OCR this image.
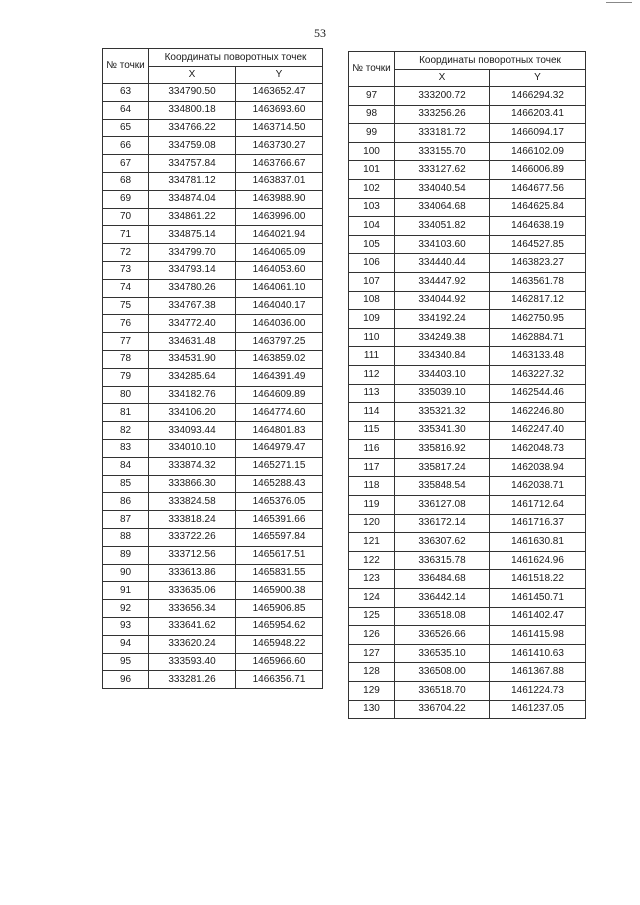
53
№ точки	Координаты поворотных точек	
	X	Y
63	334790.50	1463652.47
64	334800.18	1463693.60
65	334766.22	1463714.50
66	334759.08	1463730.27
67	334757.84	1463766.67
68	334781.12	1463837.01
69	334874.04	1463988.90
70	334861.22	1463996.00
71	334875.14	1464021.94
72	334799.70	1464065.09
73	334793.14	1464053.60
74	334780.26	1464061.10
75	334767.38	1464040.17
76	334772.40	1464036.00
77	334631.48	1463797.25
78	334531.90	1463859.02
79	334285.64	1464391.49
80	334182.76	1464609.89
81	334106.20	1464774.60
82	334093.44	1464801.83
83	334010.10	1464979.47
84	333874.32	1465271.15
85	333866.30	1465288.43
86	333824.58	1465376.05
87	333818.24	1465391.66
88	333722.26	1465597.84
89	333712.56	1465617.51
90	333613.86	1465831.55
91	333635.06	1465900.38
92	333656.34	1465906.85
93	333641.62	1465954.62
94	333620.24	1465948.22
95	333593.40	1465966.60
96	333281.26	1466356.71
№ точки	Координаты поворотных точек	
	X	Y
97	333200.72	1466294.32
98	333256.26	1466203.41
99	333181.72	1466094.17
100	333155.70	1466102.09
101	333127.62	1466006.89
102	334040.54	1464677.56
103	334064.68	1464625.84
104	334051.82	1464638.19
105	334103.60	1464527.85
106	334440.44	1463823.27
107	334447.92	1463561.78
108	334044.92	1462817.12
109	334192.24	1462750.95
110	334249.38	1462884.71
111	334340.84	1463133.48
112	334403.10	1463227.32
113	335039.10	1462544.46
114	335321.32	1462246.80
115	335341.30	1462247.40
116	335816.92	1462048.73
117	335817.24	1462038.94
118	335848.54	1462038.71
119	336127.08	1461712.64
120	336172.14	1461716.37
121	336307.62	1461630.81
122	336315.78	1461624.96
123	336484.68	1461518.22
124	336442.14	1461450.71
125	336518.08	1461402.47
126	336526.66	1461415.98
127	336535.10	1461410.63
128	336508.00	1461367.88
129	336518.70	1461224.73
130	336704.22	1461237.05
